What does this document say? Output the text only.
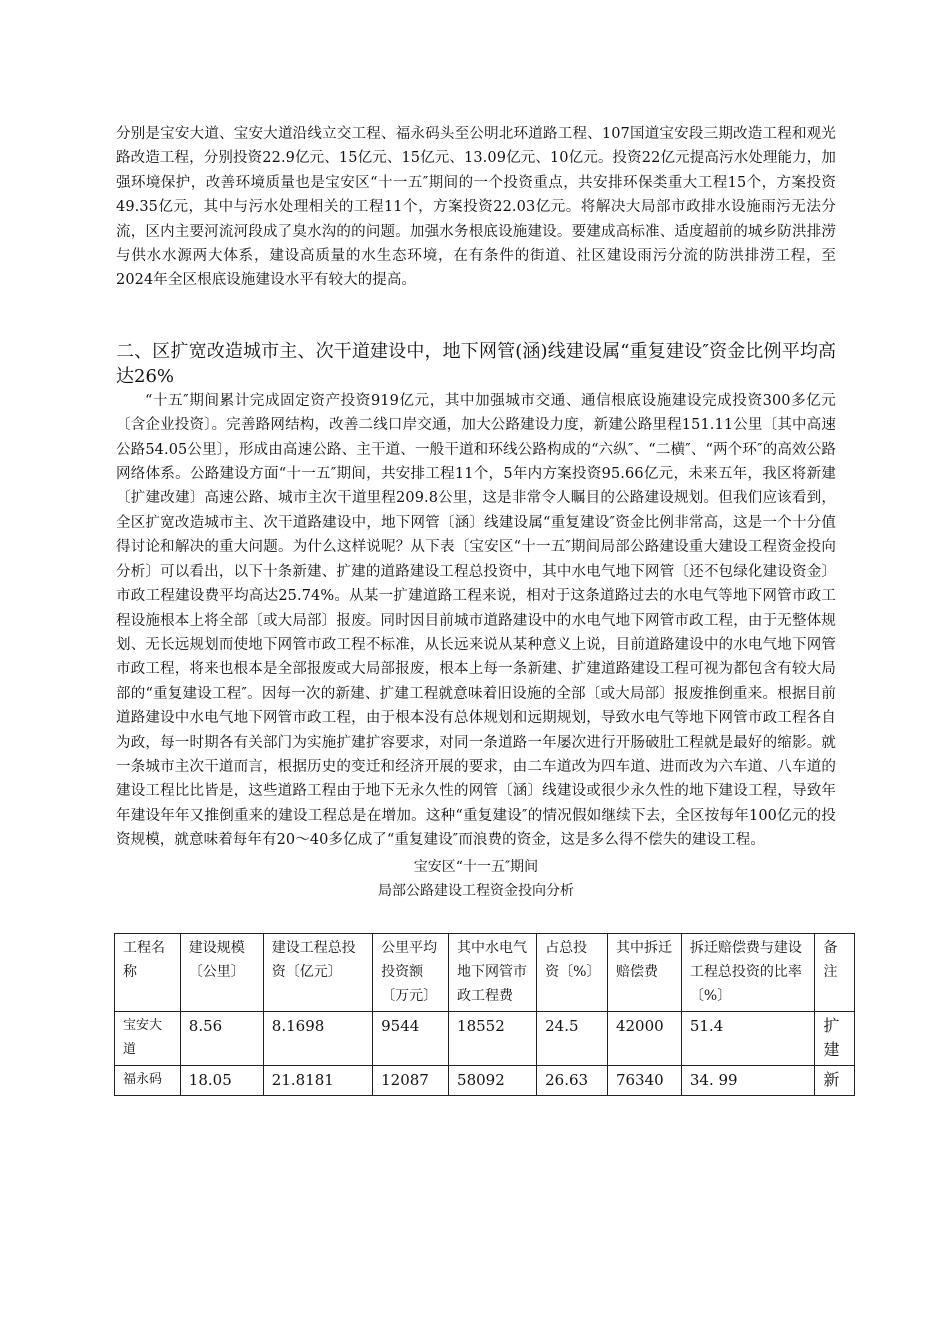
分别是宝安大道、宝安大道沿线立交工程、福永码头至公明北环道路工程、107国道宝安段三期改造工程和观光路改造工程，分别投资22.9亿元、15亿元、15亿元、13.09亿元、10亿元。投资22亿元提高污水处理能力，加强环境保护，改善环境质量也是宝安区“十一五″期间的一个投资重点，共安排环保类重大工程15个，方案投资49.35亿元，其中与污水处理相关的工程11个，方案投资22.03亿元。将解决大局部市政排水设施雨污无法分流，区内主要河流河段成了臭水沟的的问题。加强水务根底设施建设。要建成高标准、适度超前的城乡防洪排涝与供水水源两大体系，建设高质量的水生态环境，在有条件的街道、社区建设雨污分流的防洪排涝工程，至2024年全区根底设施建设水平有较大的提高。

二、区扩宽改造城市主、次干道建设中，地下网管(涵)线建设属“重复建设″资金比例平均高达26%

“十五″期间累计完成固定资产投资919亿元，其中加强城市交通、通信根底设施建设完成投资300多亿元〔含企业投资〕。完善路网结构，改善二线口岸交通，加大公路建设力度，新建公路里程151.11公里〔其中高速公路54.05公里〕，形成由高速公路、主干道、一般干道和环线公路构成的“六纵″、“二横″、“两个环″的高效公路网络体系。公路建设方面“十一五″期间，共安排工程11个，5年内方案投资95.66亿元，未来五年，我区将新建〔扩建改建〕高速公路、城市主次干道里程209.8公里，这是非常令人瞩目的公路建设规划。但我们应该看到，全区扩宽改造城市主、次干道路建设中，地下网管〔涵〕线建设属“重复建设″资金比例非常高，这是一个十分值得讨论和解决的重大问题。为什么这样说呢？从下表〔宝安区“十一五″期间局部公路建设重大建设工程资金投向分析〕可以看出，以下十条新建、扩建的道路建设工程总投资中，其中水电气地下网管〔还不包绿化建设资金〕市政工程建设费平均高达25.74%。从某一扩建道路工程来说，相对于这条道路过去的水电气等地下网管市政工程设施根本上将全部〔或大局部〕报废。同时因目前城市道路建设中的水电气地下网管市政工程，由于无整体规划、无长远规划而使地下网管市政工程不标准，从长远来说从某种意义上说，目前道路建设中的水电气地下网管市政工程，将来也根本是全部报废或大局部报废，根本上每一条新建、扩建道路建设工程可视为都包含有较大局部的“重复建设工程″。因每一次的新建、扩建工程就意味着旧设施的全部〔或大局部〕报废推倒重来。根据目前道路建设中水电气地下网管市政工程，由于根本没有总体规划和远期规划，导致水电气等地下网管市政工程各自为政，每一时期各有关部门为实施扩建扩容要求，对同一条道路一年屡次进行开肠破肚工程就是最好的缩影。就一条城市主次干道而言，根据历史的变迁和经济开展的要求，由二车道改为四车道、进而改为六车道、八车道的建设工程比比皆是，这些道路工程由于地下无永久性的网管〔涵〕线建设或很少永久性的地下建设工程，导致年年建设年年又推倒重来的建设工程总是在增加。这种“重复建设″的情况假如继续下去，全区按每年100亿元的投资规模，就意味着每年有20～40多亿成了“重复建设″而浪费的资金，这是多么得不偿失的建设工程。

宝安区“十一五″期间

局部公路建设工程资金投向分析

工程名称	建设规模〔公里〕	建设工程总投资〔亿元〕	公里平均投资额〔万元〕	其中水电气地下网管市政工程费	占总投资〔%〕	其中拆迁赔偿费	拆迁赔偿费与建设工程总投资的比率〔%〕	备注
宝安大道	8.56	8.1698	9544	18552	24.5	42000	51.4	扩建
福永码	18.05	21.8181	12087	58092	26.63	76340	34. 99	新
